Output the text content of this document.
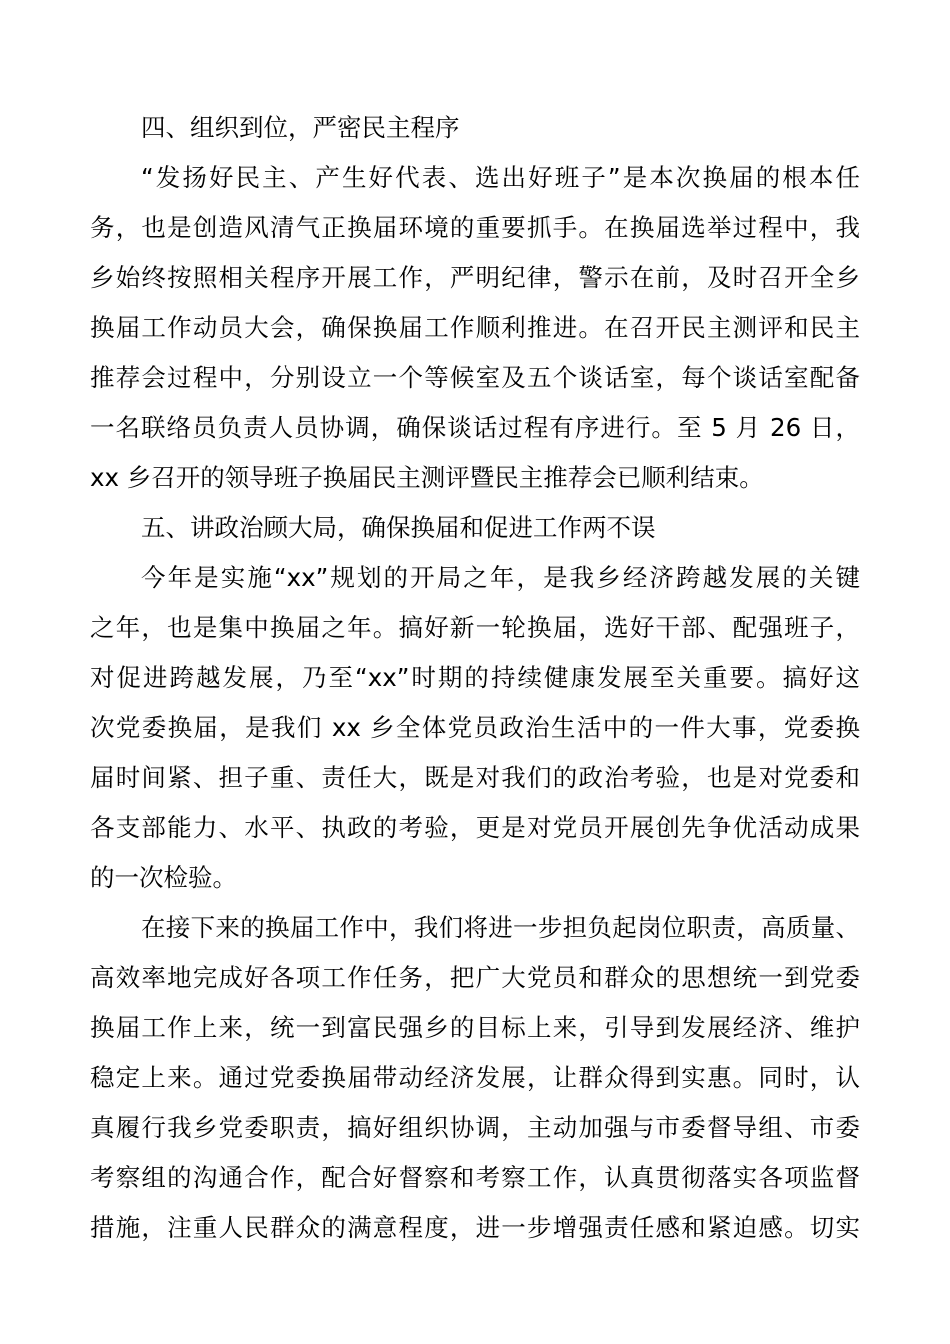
四、组织到位，严密民主程序
“发扬好民主、产生好代表、选出好班子”是本次换届的根本任
务，也是创造风清气正换届环境的重要抓手。在换届选举过程中，我
乡始终按照相关程序开展工作，严明纪律，警示在前，及时召开全乡
换届工作动员大会，确保换届工作顺利推进。在召开民主测评和民主
推荐会过程中，分别设立一个等候室及五个谈话室，每个谈话室配备
一名联络员负责人员协调，确保谈话过程有序进行。至 5 月 26 日，
xx 乡召开的领导班子换届民主测评暨民主推荐会已顺利结束。
五、讲政治顾大局，确保换届和促进工作两不误
今年是实施“xx”规划的开局之年，是我乡经济跨越发展的关键
之年，也是集中换届之年。搞好新一轮换届，选好干部、配强班子，
对促进跨越发展，乃至“xx”时期的持续健康发展至关重要。搞好这
次党委换届，是我们 xx 乡全体党员政治生活中的一件大事，党委换
届时间紧、担子重、责任大，既是对我们的政治考验，也是对党委和
各支部能力、水平、执政的考验，更是对党员开展创先争优活动成果
的一次检验。
在接下来的换届工作中，我们将进一步担负起岗位职责，高质量、
高效率地完成好各项工作任务，把广大党员和群众的思想统一到党委
换届工作上来，统一到富民强乡的目标上来，引导到发展经济、维护
稳定上来。通过党委换届带动经济发展，让群众得到实惠。同时，认
真履行我乡党委职责，搞好组织协调，主动加强与市委督导组、市委
考察组的沟通合作，配合好督察和考察工作，认真贯彻落实各项监督
措施，注重人民群众的满意程度，进一步增强责任感和紧迫感。切实
